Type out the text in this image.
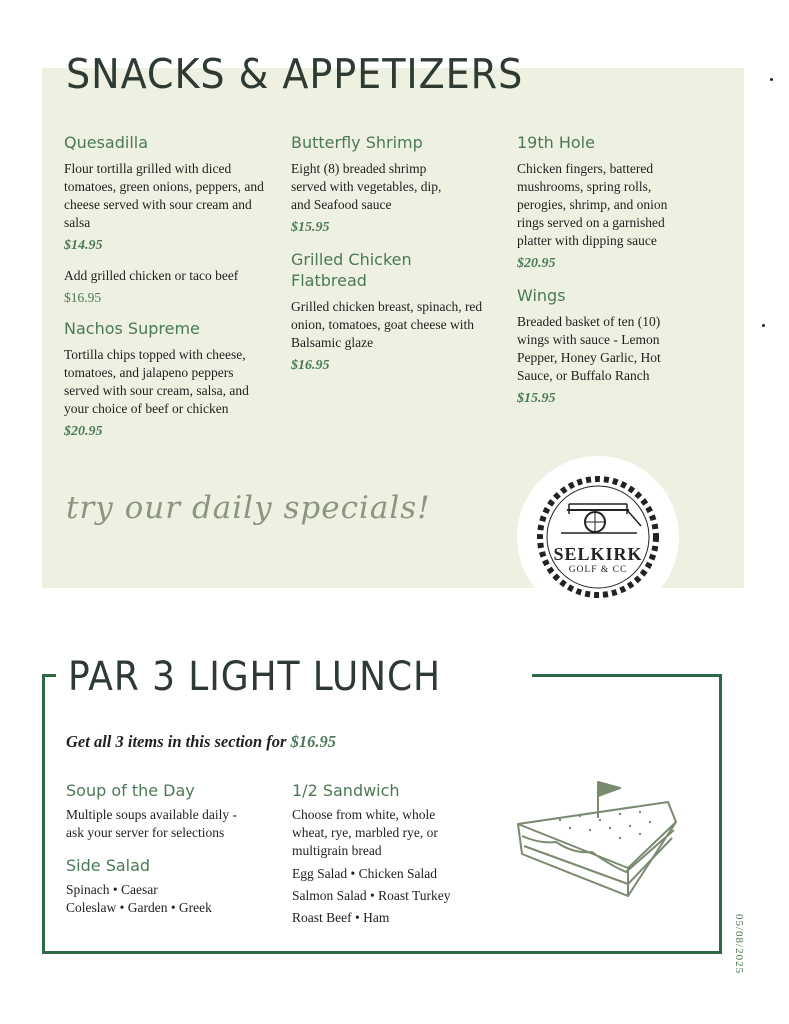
SNACKS & APPETIZERS

Quesadilla

Flour tortilla grilled with diced tomatoes, green onions, peppers, and cheese served with sour cream and salsa

$14.95

Add grilled chicken or taco beef

$16.95

Nachos Supreme

Tortilla chips topped with cheese, tomatoes, and jalapeno peppers served with sour cream, salsa, and your choice of beef or chicken

$20.95

Butterfly Shrimp

Eight (8) breaded shrimp served with vegetables, dip, and Seafood sauce

$15.95

Grilled Chicken Flatbread

Grilled chicken breast, spinach, red onion, tomatoes, goat cheese with Balsamic glaze

$16.95

19th Hole

Chicken fingers, battered mushrooms, spring rolls, perogies, shrimp, and onion rings served on a garnished platter with dipping sauce

$20.95

Wings

Breaded basket of ten (10) wings with sauce - Lemon Pepper, Honey Garlic, Hot Sauce, or Buffalo Ranch

$15.95

try our daily specials!

SELKIRK
GOLF & CC
PAR 3 LIGHT LUNCH

Get all 3 items in this section for $16.95

Soup of the Day

Multiple soups available daily - ask your server for selections

Side Salad

Spinach • Caesar

Coleslaw • Garden • Greek

1/2 Sandwich

Choose from white, whole wheat, rye, marbled rye, or multigrain bread

Egg Salad • Chicken Salad

Salmon Salad • Roast Turkey

Roast Beef • Ham	05/08/2025
